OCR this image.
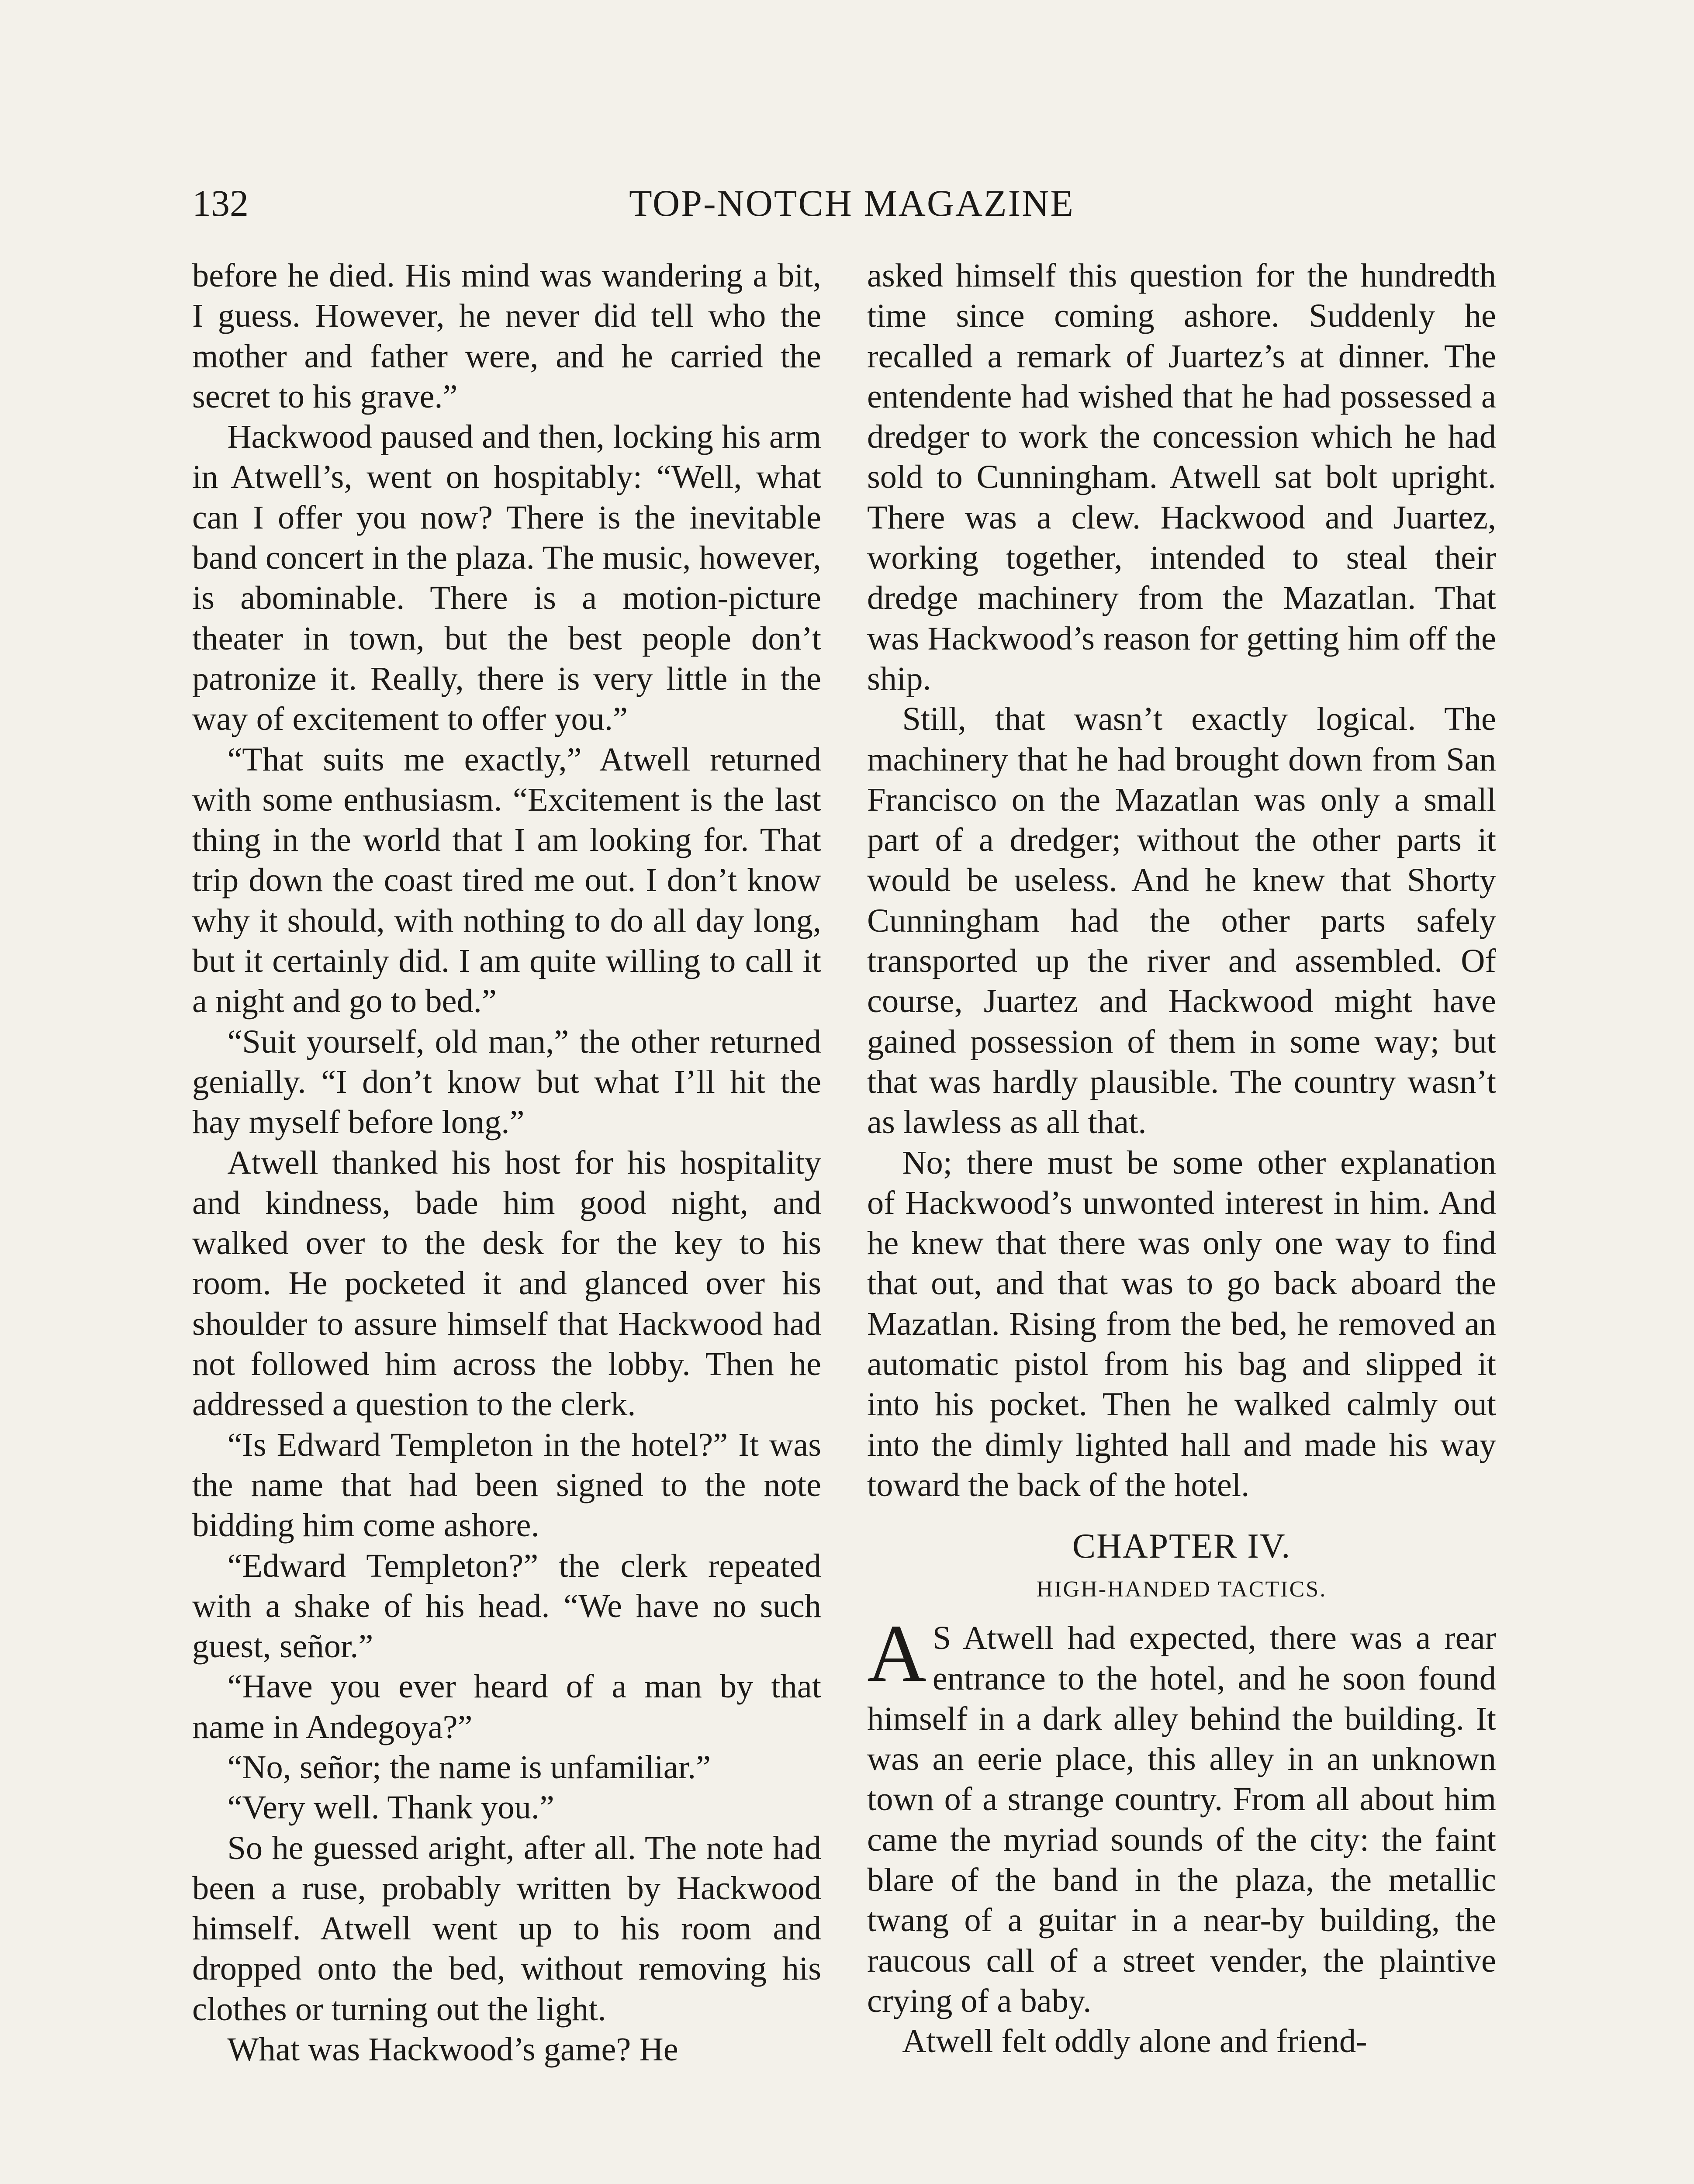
132	TOP-NOTCH MAGAZINE

before he died. His mind was wandering a bit, I guess. However, he never did tell who the mother and father were, and he carried the secret to his grave.”

Hackwood paused and then, locking his arm in Atwell’s, went on hospitably: “Well, what can I offer you now? There is the inevitable band concert in the plaza. The music, however, is abominable. There is a motion-picture theater in town, but the best people don’t patronize it. Really, there is very little in the way of excitement to offer you.”

“That suits me exactly,” Atwell returned with some enthusiasm. “Excitement is the last thing in the world that I am looking for. That trip down the coast tired me out. I don’t know why it should, with nothing to do all day long, but it certainly did. I am quite willing to call it a night and go to bed.”

“Suit yourself, old man,” the other returned genially. “I don’t know but what I’ll hit the hay myself before long.”

Atwell thanked his host for his hospitality and kindness, bade him good night, and walked over to the desk for the key to his room. He pocketed it and glanced over his shoulder to assure himself that Hackwood had not followed him across the lobby. Then he addressed a question to the clerk.

“Is Edward Templeton in the hotel?” It was the name that had been signed to the note bidding him come ashore.

“Edward Templeton?” the clerk repeated with a shake of his head. “We have no such guest, señor.”

“Have you ever heard of a man by that name in Andegoya?”

“No, señor; the name is unfamiliar.”

“Very well. Thank you.”

So he guessed aright, after all. The note had been a ruse, probably written by Hackwood himself. Atwell went up to his room and dropped onto the bed, without removing his clothes or turning out the light.

What was Hackwood’s game? He

asked himself this question for the hundredth time since coming ashore. Suddenly he recalled a remark of Juartez’s at dinner. The entendente had wished that he had possessed a dredger to work the concession which he had sold to Cunningham. Atwell sat bolt upright. There was a clew. Hackwood and Juartez, working together, intended to steal their dredge machinery from the Mazatlan. That was Hackwood’s reason for getting him off the ship.

Still, that wasn’t exactly logical. The machinery that he had brought down from San Francisco on the Mazatlan was only a small part of a dredger; without the other parts it would be useless. And he knew that Shorty Cunningham had the other parts safely transported up the river and assembled. Of course, Juartez and Hackwood might have gained possession of them in some way; but that was hardly plausible. The country wasn’t as lawless as all that.

No; there must be some other explanation of Hackwood’s unwonted interest in him. And he knew that there was only one way to find that out, and that was to go back aboard the Mazatlan. Rising from the bed, he removed an automatic pistol from his bag and slipped it into his pocket. Then he walked calmly out into the dimly lighted hall and made his way toward the back of the hotel.

CHAPTER IV.
HIGH-HANDED TACTICS.

A S Atwell had expected, there was a rear entrance to the hotel, and he soon found himself in a dark alley behind the building. It was an eerie place, this alley in an unknown town of a strange country. From all about him came the myriad sounds of the city: the faint blare of the band in the plaza, the metallic twang of a guitar in a near-by building, the raucous call of a street vender, the plaintive crying of a baby.

Atwell felt oddly alone and friend-
